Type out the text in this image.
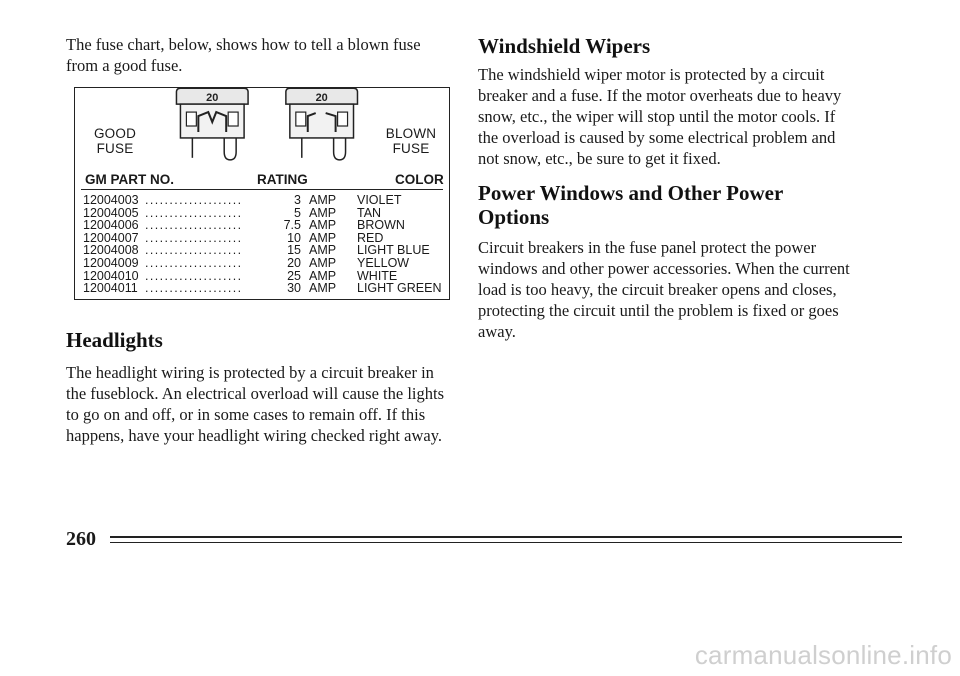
The fuse chart, below, shows how to tell a blown fuse from a good fuse.

20	20
GOOD
FUSE
BLOWN
FUSE
GM PART NO.	RATING	COLOR
12004003 ....................	3 AMP VIOLET
12004005 ....................	5 AMP TAN
12004006 ....................	7.5 AMP BROWN
12004007 ....................	10 AMP RED
12004008 ....................	15 AMP LIGHT BLUE
12004009 ....................	20 AMP YELLOW
12004010 ....................	25 AMP WHITE
12004011 ....................	30 AMP LIGHT GREEN
Headlights

The headlight wiring is protected by a circuit breaker in the fuseblock. An electrical overload will cause the lights to go on and off, or in some cases to remain off. If this happens, have your headlight wiring checked right away.

Windshield Wipers

The windshield wiper motor is protected by a circuit breaker and a fuse. If the motor overheats due to heavy snow, etc., the wiper will stop until the motor cools. If the overload is caused by some electrical problem and not snow, etc., be sure to get it fixed.

Power Windows and Other Power Options

Circuit breakers in the fuse panel protect the power windows and other power accessories. When the current load is too heavy, the circuit breaker opens and closes, protecting the circuit until the problem is fixed or goes away.

260
carmanualsonline.info
